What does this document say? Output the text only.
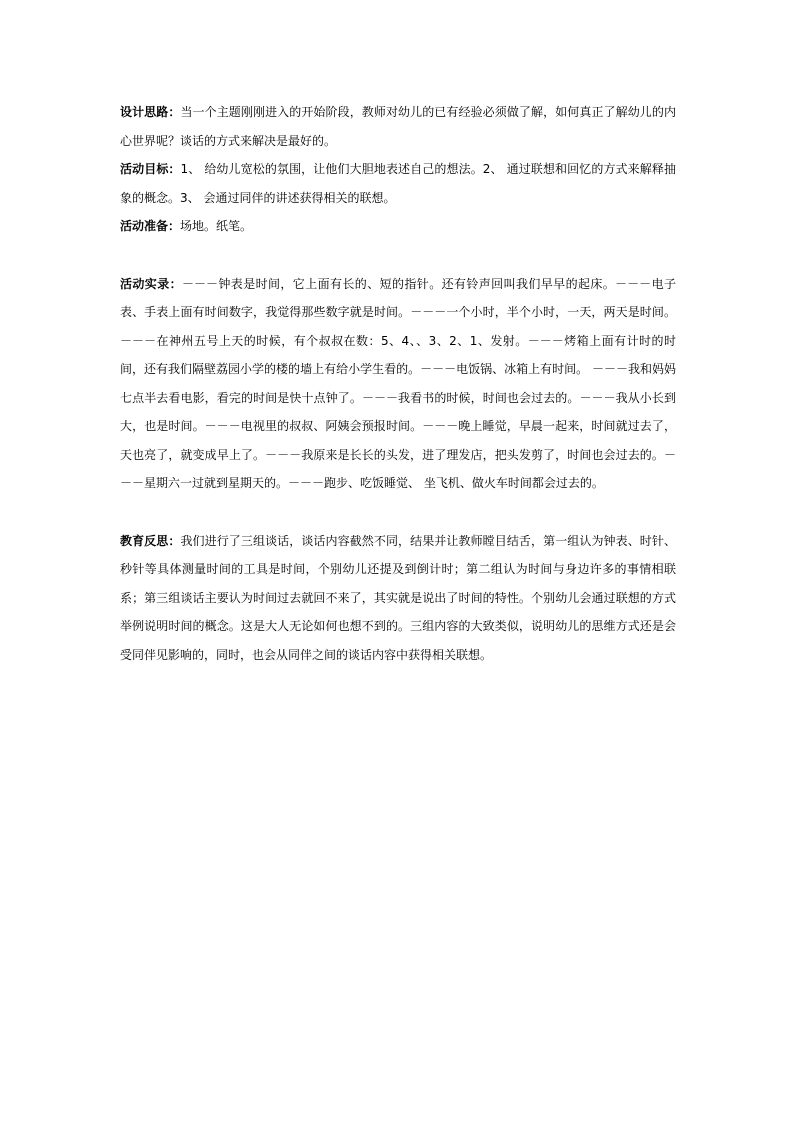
设计思路：当一个主题刚刚进入的开始阶段，教师对幼儿的已有经验必须做了解，如何真正了解幼儿的内心世界呢？谈话的方式来解决是最好的。

活动目标：1、 给幼儿宽松的氛围，让他们大胆地表述自己的想法。2、 通过联想和回忆的方式来解释抽象的概念。3、 会通过同伴的讲述获得相关的联想。

活动准备：场地。纸笔。

活动实录：－－－钟表是时间，它上面有长的、短的指针。还有铃声回叫我们早早的起床。－－－电子表、手表上面有时间数字，我觉得那些数字就是时间。－－－一个小时，半个小时，一天，两天是时间。－－－在神州五号上天的时候，有个叔叔在数：5、4、、3、2、1、发射。－－－烤箱上面有计时的时间，还有我们隔壁荔园小学的楼的墙上有给小学生看的。－－－电饭锅、冰箱上有时间。 －－－我和妈妈七点半去看电影，看完的时间是快十点钟了。－－－我看书的时候，时间也会过去的。－－－我从小长到大，也是时间。－－－电视里的叔叔、阿姨会预报时间。－－－晚上睡觉，早晨一起来，时间就过去了，天也亮了，就变成早上了。－－－我原来是长长的头发，进了理发店，把头发剪了，时间也会过去的。－－－星期六一过就到星期天的。－－－跑步、吃饭睡觉、 坐飞机、做火车时间都会过去的。

教育反思：我们进行了三组谈话，谈话内容截然不同，结果并让教师瞠目结舌，第一组认为钟表、时针、秒针等具体测量时间的工具是时间，个别幼儿还提及到倒计时；第二组认为时间与身边许多的事情相联系；第三组谈话主要认为时间过去就回不来了，其实就是说出了时间的特性。个别幼儿会通过联想的方式举例说明时间的概念。这是大人无论如何也想不到的。三组内容的大致类似，说明幼儿的思维方式还是会受同伴见影响的，同时，也会从同伴之间的谈话内容中获得相关联想。
